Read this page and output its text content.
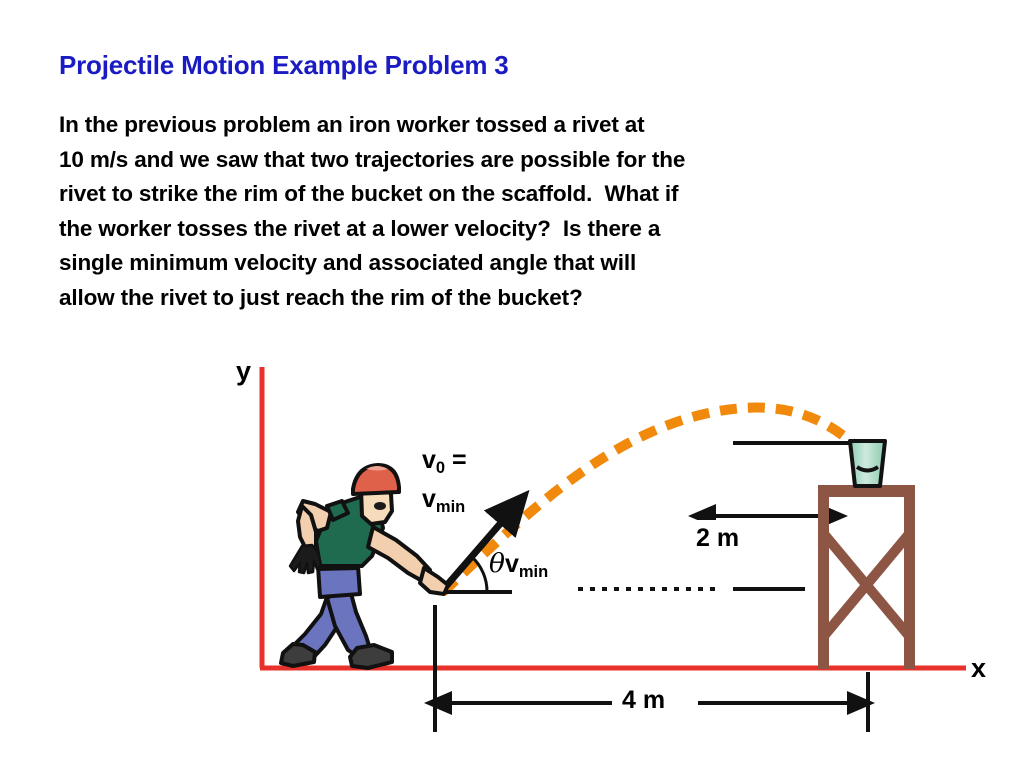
Projectile Motion Example Problem 3
In the previous problem an iron worker tossed a rivet at
10 m/s and we saw that two trajectories are possible for the
rivet to strike the rim of the bucket on the scaffold.  What if
the worker tosses the rivet at a lower velocity?  Is there a
single minimum velocity and associated angle that will
allow the rivet to just reach the rim of the bucket?
y
x
$v_0$ =
$v_{min}$
$\theta v_{min}$
2 m
4 m
